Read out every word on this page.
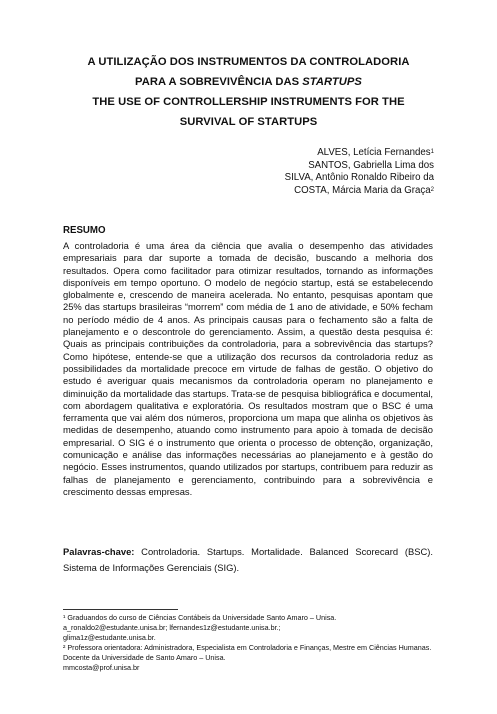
A UTILIZAÇÃO DOS INSTRUMENTOS DA CONTROLADORIA
PARA A SOBREVIVÊNCIA DAS STARTUPS
THE USE OF CONTROLLERSHIP INSTRUMENTS FOR THE
SURVIVAL OF STARTUPS
ALVES, Letícia Fernandes$^1$
SANTOS, Gabriella Lima dos
SILVA, Antônio Ronaldo Ribeiro da
COSTA, Márcia Maria da Graça$^2$
RESUMO

A controladoria é uma área da ciência que avalia o desempenho das atividades empresariais para dar suporte a tomada de decisão, buscando a melhoria dos resultados. Opera como facilitador para otimizar resultados, tornando as informações disponíveis em tempo oportuno. O modelo de negócio startup, está se estabelecendo globalmente e, crescendo de maneira acelerada. No entanto, pesquisas apontam que 25% das startups brasileiras “morrem” com média de 1 ano de atividade, e 50% fecham no período médio de 4 anos. As principais causas para o fechamento são a falta de planejamento e o descontrole do gerenciamento. Assim, a questão desta pesquisa é: Quais as principais contribuições da controladoria, para a sobrevivência das startups? Como hipótese, entende-se que a utilização dos recursos da controladoria reduz as possibilidades da mortalidade precoce em virtude de falhas de gestão. O objetivo do estudo é averiguar quais mecanismos da controladoria operam no planejamento e diminuição da mortalidade das startups. Trata-se de pesquisa bibliográfica e documental, com abordagem qualitativa e exploratória. Os resultados mostram que o BSC é uma ferramenta que vai além dos números, proporciona um mapa que alinha os objetivos às medidas de desempenho, atuando como instrumento para apoio à tomada de decisão empresarial. O SIG é o instrumento que orienta o processo de obtenção, organização, comunicação e análise das informações necessárias ao planejamento e à gestão do negócio. Esses instrumentos, quando utilizados por startups, contribuem para reduzir as falhas de planejamento e gerenciamento, contribuindo para a sobrevivência e crescimento dessas empresas.

Palavras-chave: Controladoria. Startups. Mortalidade. Balanced Scorecard (BSC). Sistema de Informações Gerenciais (SIG).

¹ Graduandos do curso de Ciências Contábeis da Universidade Santo Amaro – Unisa.

a_ronaldo2@estudante.unisa.br; lfernandes1z@estudante.unisa.br.;

glima1z@estudante.unisa.br.

² Professora orientadora: Administradora, Especialista em Controladoria e Finanças, Mestre em Ciências Humanas. Docente da Universidade de Santo Amaro – Unisa.

mmcosta@prof.unisa.br
